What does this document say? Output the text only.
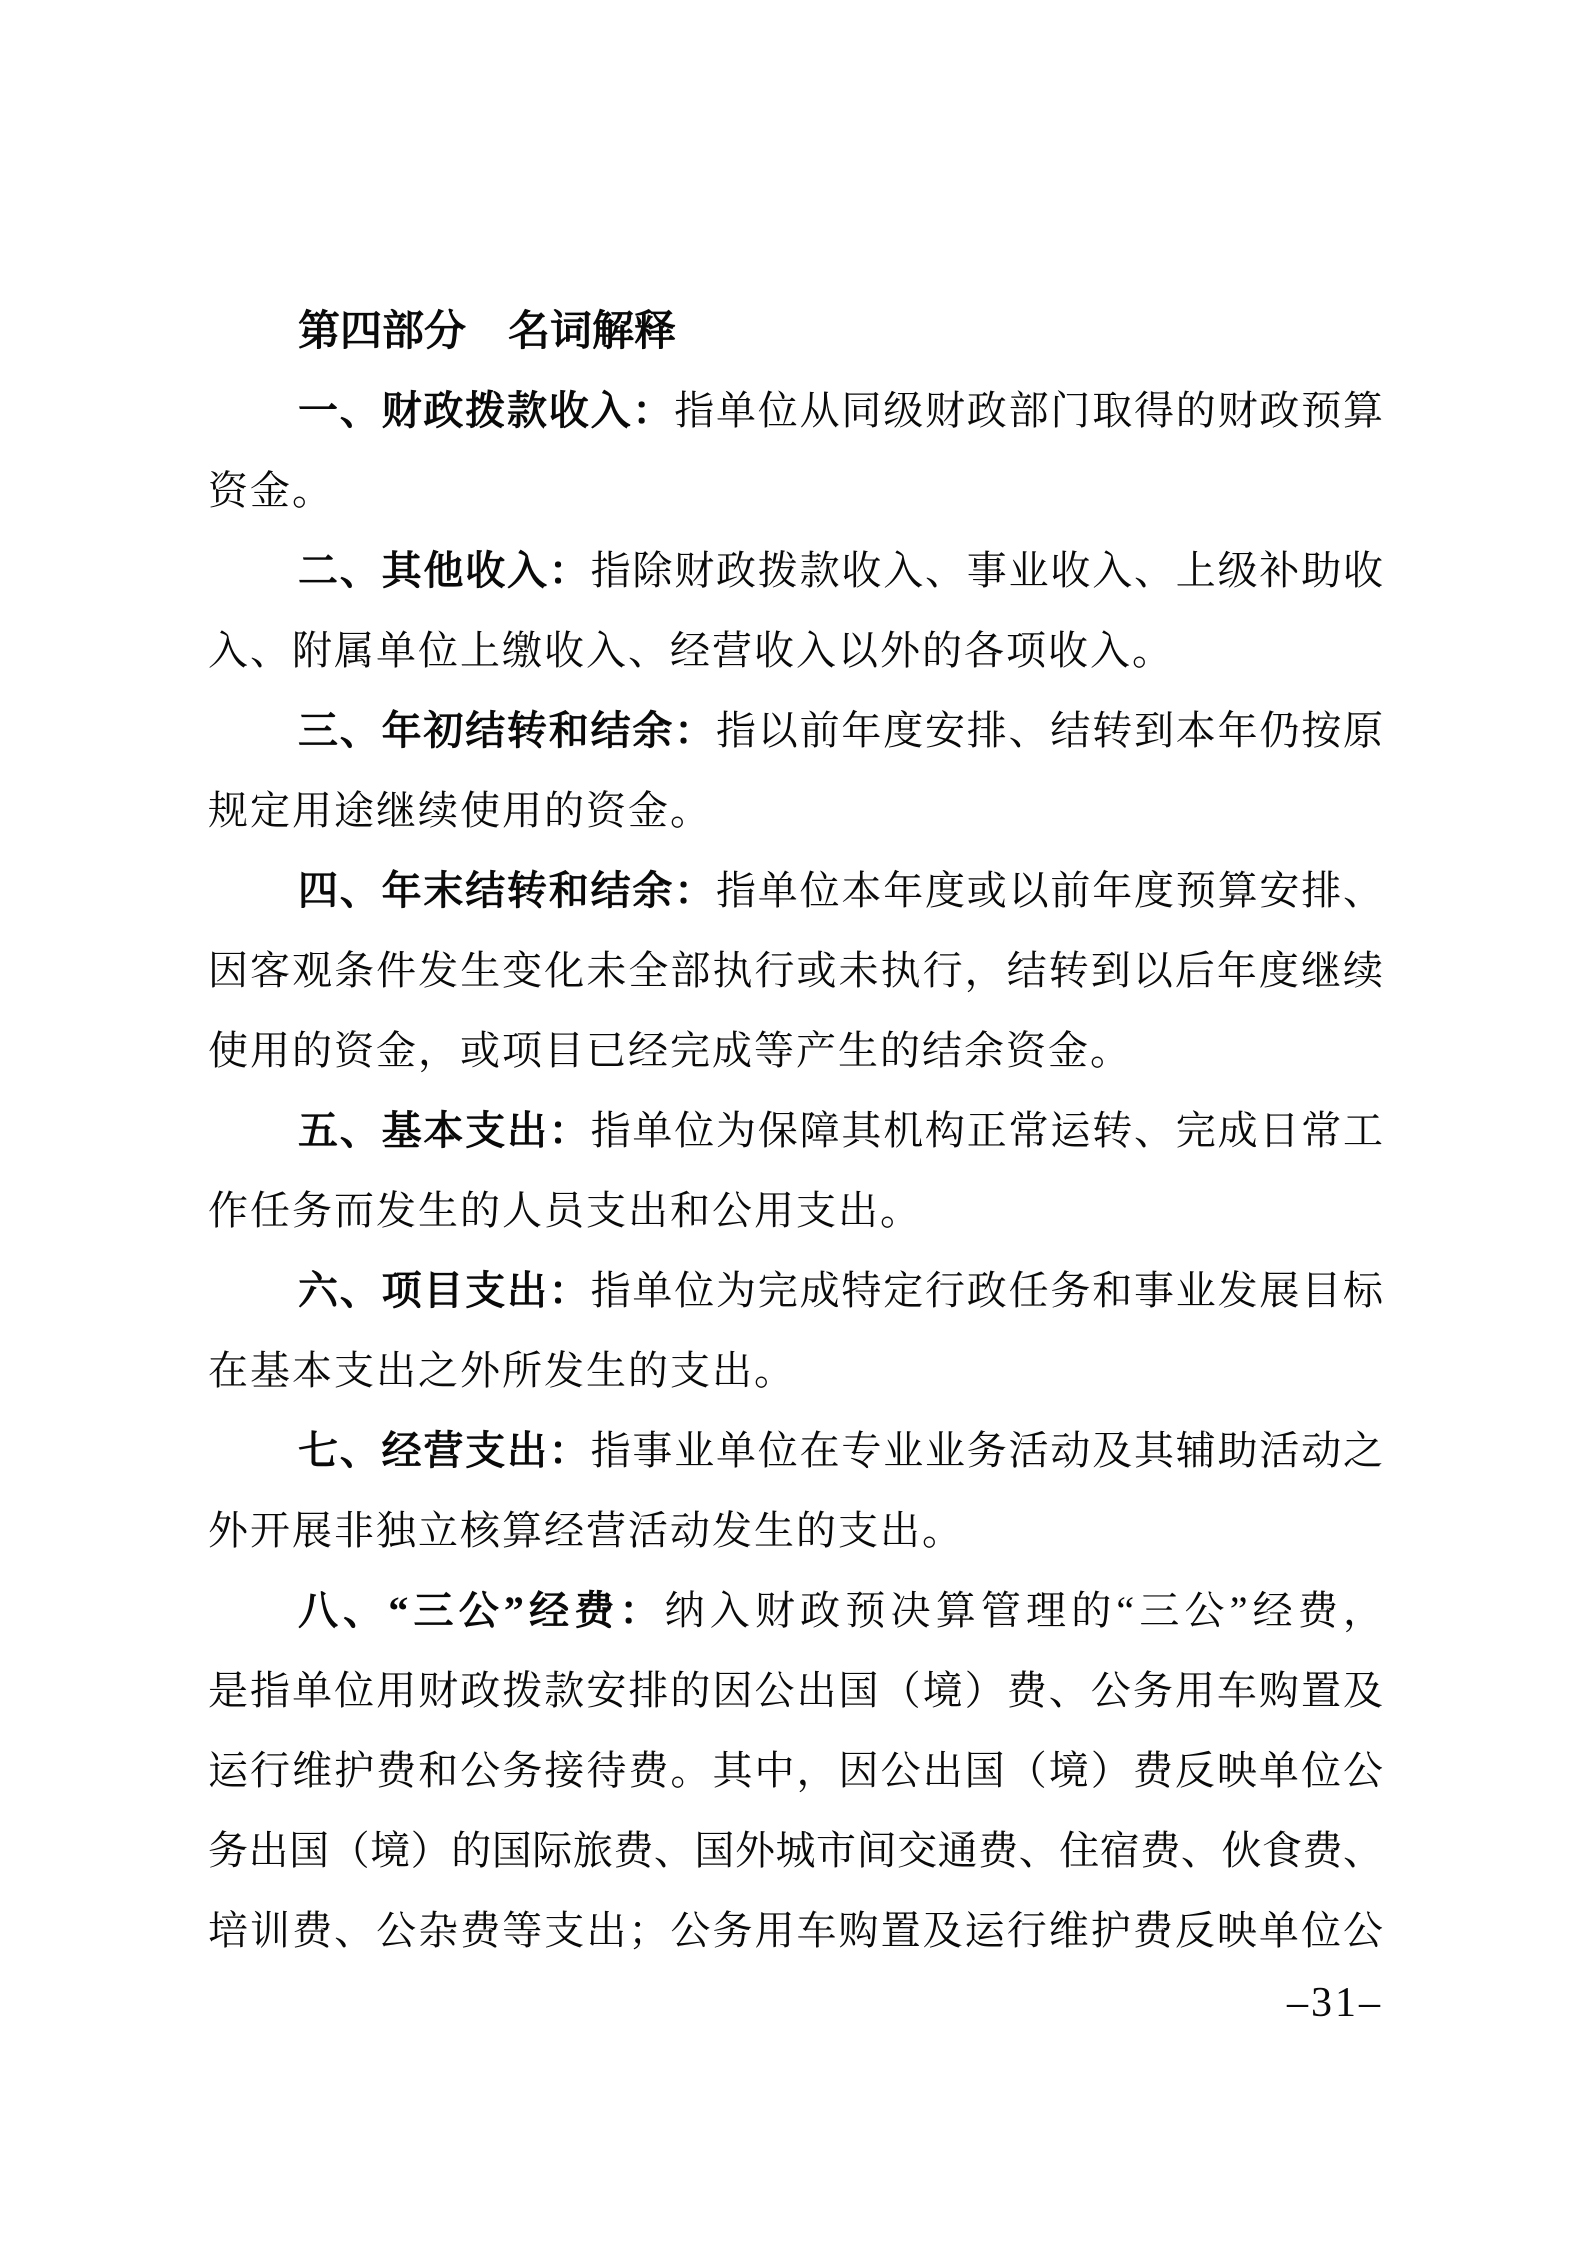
第四部分　名词解释

一、财政拨款收入：指单位从同级财政部门取得的财政预算

资金。

二、其他收入：指除财政拨款收入、事业收入、上级补助收

入、附属单位上缴收入、经营收入以外的各项收入。

三、年初结转和结余：指以前年度安排、结转到本年仍按原

规定用途继续使用的资金。

四、年末结转和结余：指单位本年度或以前年度预算安排、

因客观条件发生变化未全部执行或未执行，结转到以后年度继续

使用的资金，或项目已经完成等产生的结余资金。

五、基本支出：指单位为保障其机构正常运转、完成日常工

作任务而发生的人员支出和公用支出。

六、项目支出：指单位为完成特定行政任务和事业发展目标

在基本支出之外所发生的支出。

七、经营支出：指事业单位在专业业务活动及其辅助活动之

外开展非独立核算经营活动发生的支出。

八、“三公”经费：纳入财政预决算管理的“三公”经费，

是指单位用财政拨款安排的因公出国（境）费、公务用车购置及

运行维护费和公务接待费。其中，因公出国（境）费反映单位公

务出国（境）的国际旅费、国外城市间交通费、住宿费、伙食费、

培训费、公杂费等支出；公务用车购置及运行维护费反映单位公

–31–
